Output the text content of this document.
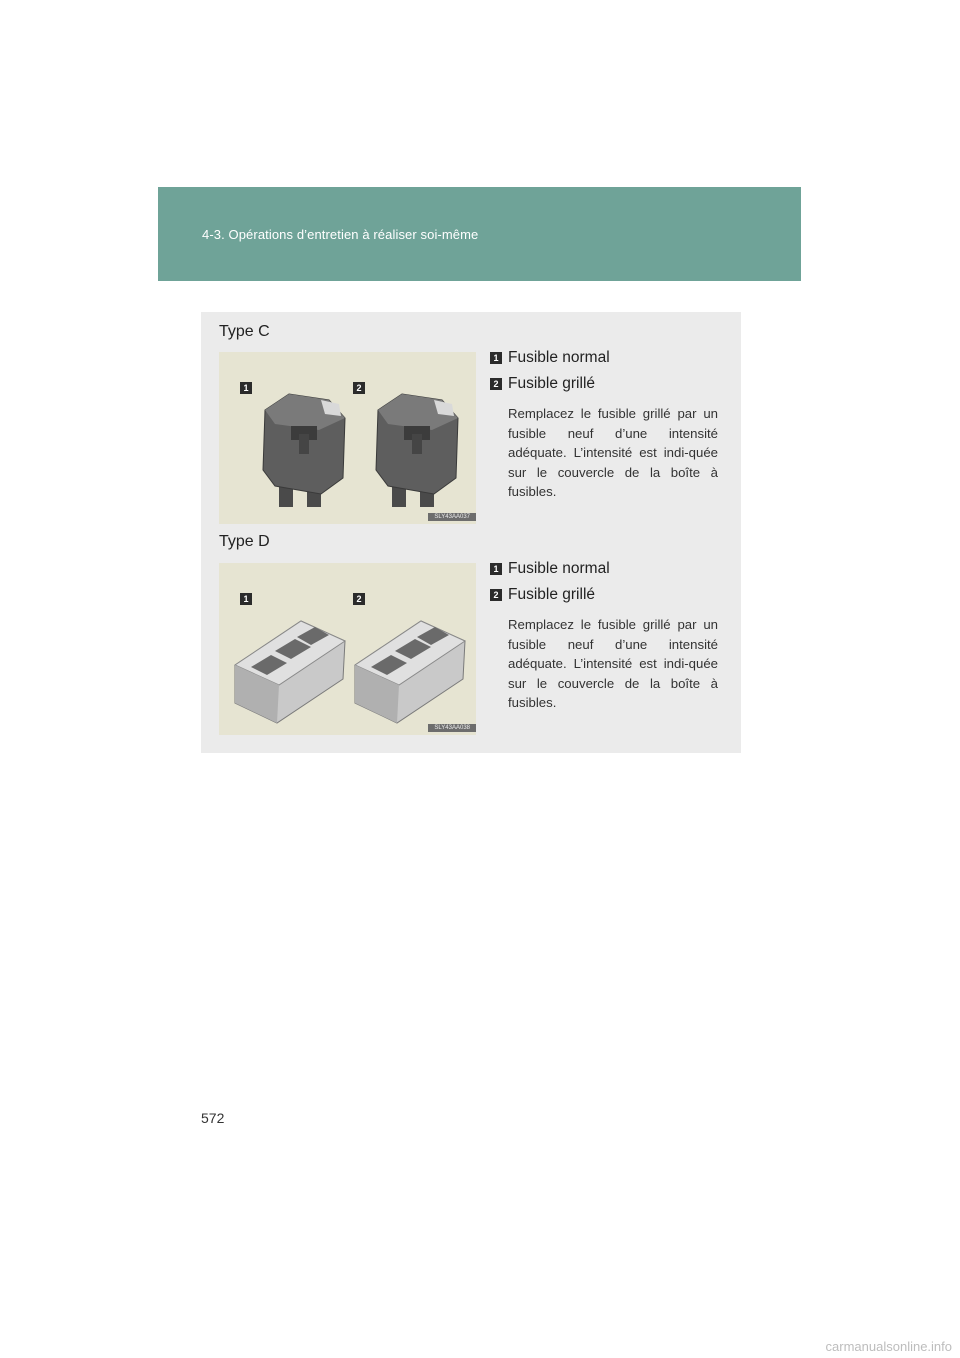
4-3. Opérations d’entretien à réaliser soi-même
Type C
1	2
SLY43AA037
1 Fusible normal
2 Fusible grillé
Remplacez le fusible grillé par un fusible neuf d’une intensité adéquate. L’intensité est indi-quée sur le couvercle de la boîte à fusibles.
Type D
1	2
SLY43AA038
1 Fusible normal
2 Fusible grillé
Remplacez le fusible grillé par un fusible neuf d’une intensité adéquate. L’intensité est indi-quée sur le couvercle de la boîte à fusibles.
572
carmanualsonline.info
